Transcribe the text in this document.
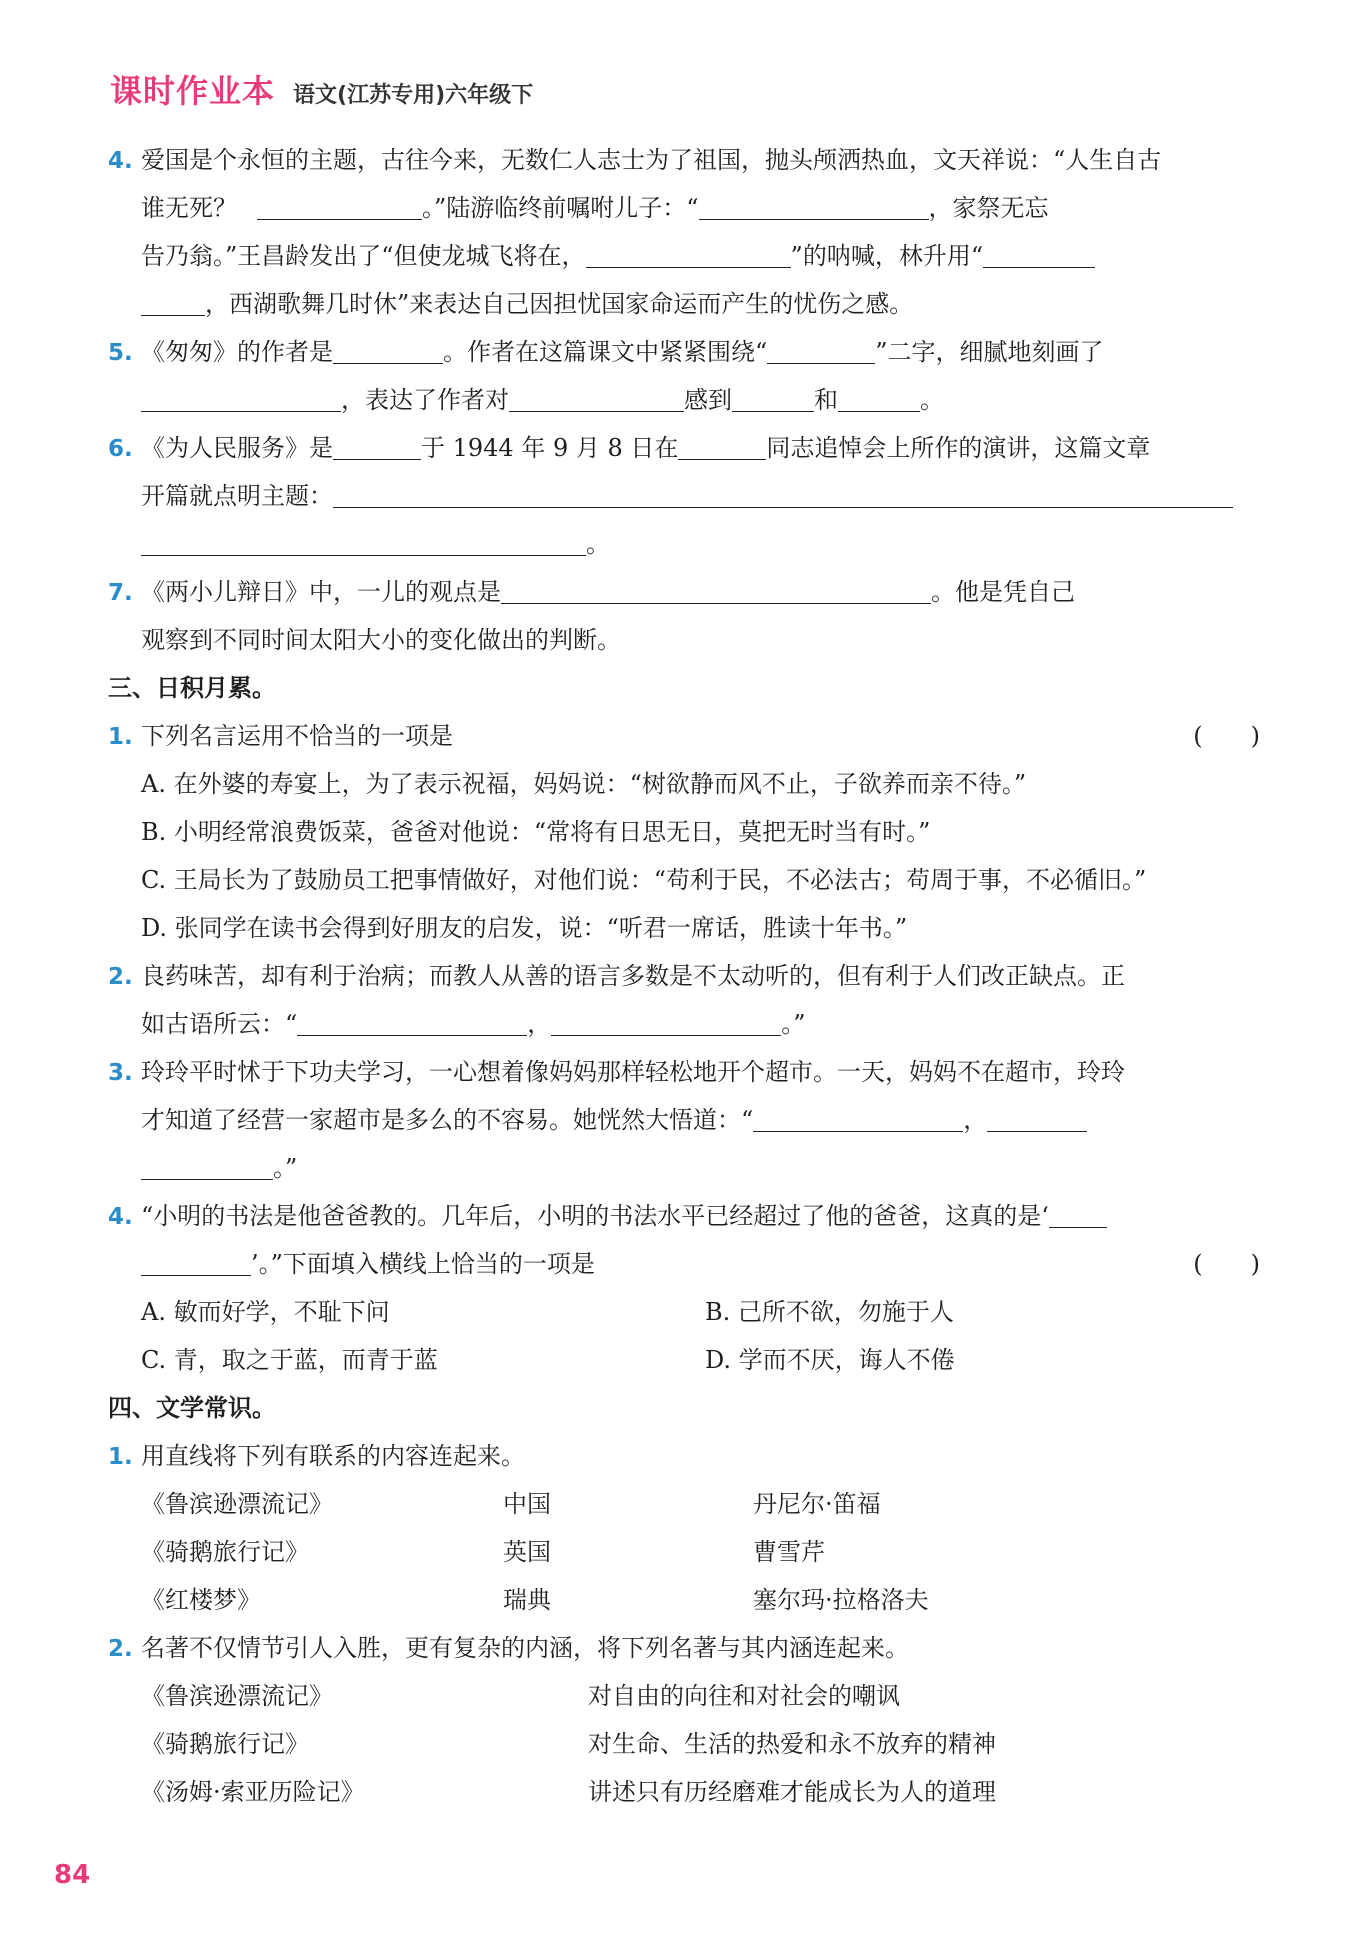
课时作业本 语文(江苏专用)六年级下
4. 爱国是个永恒的主题，古往今来，无数仁人志士为了祖国，抛头颅洒热血，文天祥说：“人生自古
谁无死？	。”陆游临终前嘱咐儿子：“	，家祭无忘
告乃翁。”王昌龄发出了“但使龙城飞将在，	”的呐喊，林升用“
，西湖歌舞几时休”来表达自己因担忧国家命运而产生的忧伤之感。
5. 《匆匆》的作者是	。作者在这篇课文中紧紧围绕“	”二字，细腻地刻画了
，表达了作者对	感到	和	。
6. 《为人民服务》是	于 1944 年 9 月 8 日在	同志追悼会上所作的演讲，这篇文章
开篇就点明主题：
。
7. 《两小儿辩日》中，一儿的观点是	。他是凭自己
观察到不同时间太阳大小的变化做出的判断。
三、日积月累。
1. 下列名言运用不恰当的一项是	(　　)
A. 在外婆的寿宴上，为了表示祝福，妈妈说：“树欲静而风不止，子欲养而亲不待。”
B. 小明经常浪费饭菜，爸爸对他说：“常将有日思无日，莫把无时当有时。”
C. 王局长为了鼓励员工把事情做好，对他们说：“苟利于民，不必法古；苟周于事，不必循旧。”
D. 张同学在读书会得到好朋友的启发，说：“听君一席话，胜读十年书。”
2. 良药味苦，却有利于治病；而教人从善的语言多数是不太动听的，但有利于人们改正缺点。正
如古语所云：“	，	。”
3. 玲玲平时怵于下功夫学习，一心想着像妈妈那样轻松地开个超市。一天，妈妈不在超市，玲玲
才知道了经营一家超市是多么的不容易。她恍然大悟道：“	，
。”
4. “小明的书法是他爸爸教的。几年后，小明的书法水平已经超过了他的爸爸，这真的是‘
’。”下面填入横线上恰当的一项是	(　　)
A. 敏而好学，不耻下问	B. 己所不欲，勿施于人
C. 青，取之于蓝，而青于蓝	D. 学而不厌，诲人不倦
四、文学常识。
1. 用直线将下列有联系的内容连起来。
《鲁滨逊漂流记》	中国	丹尼尔·笛福
《骑鹅旅行记》	英国	曹雪芹
《红楼梦》	瑞典	塞尔玛·拉格洛夫
2. 名著不仅情节引人入胜，更有复杂的内涵，将下列名著与其内涵连起来。
《鲁滨逊漂流记》	对自由的向往和对社会的嘲讽
《骑鹅旅行记》	对生命、生活的热爱和永不放弃的精神
《汤姆·索亚历险记》	讲述只有历经磨难才能成长为人的道理
84
